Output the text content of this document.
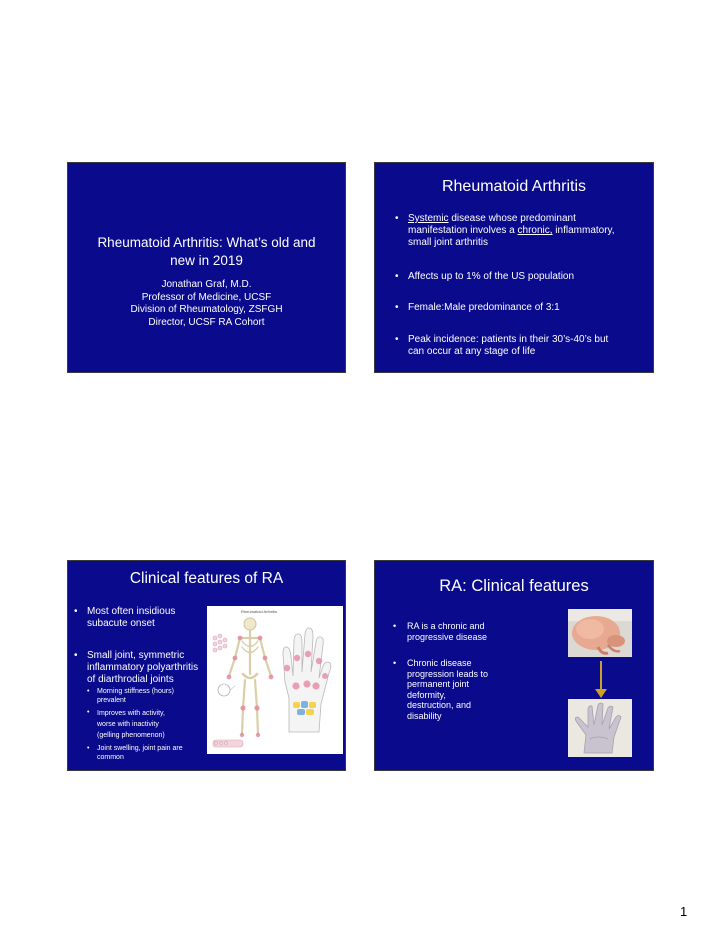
Rheumatoid Arthritis: What’s old and
new in 2019
Jonathan Graf, M.D.
Professor of Medicine, UCSF
Division of Rheumatology, ZSFGH
Director, UCSF RA Cohort
Rheumatoid Arthritis
• Systemic disease whose predominant
manifestation involves a chronic, inflammatory,
small joint arthritis
• Affects up to 1% of the US population
• Female:Male predominance of 3:1
• Peak incidence: patients in their 30’s-40’s but
can occur at any stage of life
Clinical features of RA
• Most often insidious
subacute onset
• Small joint, symmetric
inflammatory polyarthritis
of diarthrodial joints
• Morning stiffness (hours)
prevalent
• Improves with activity,
worse with inactivity
(gelling phenomenon)
• Joint swelling, joint pain are
common
Rheumatoid Arthritis
RA: Clinical features
• RA is a chronic and
progressive disease
• Chronic disease
progression leads to
permanent joint
deformity,
destruction, and
disability
1
